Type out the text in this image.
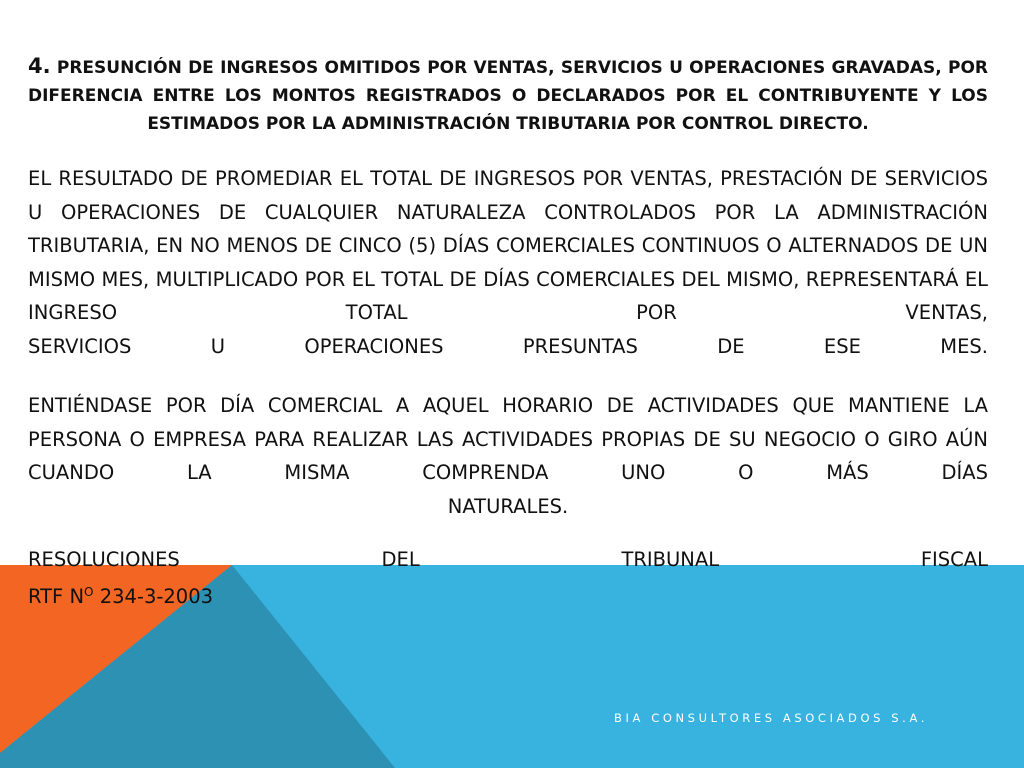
4. PRESUNCIÓN DE INGRESOS OMITIDOS POR VENTAS, SERVICIOS U OPERACIONES GRAVADAS, POR DIFERENCIA ENTRE LOS MONTOS REGISTRADOS O DECLARADOS POR EL CONTRIBUYENTE Y LOS ESTIMADOS POR LA ADMINISTRACIÓN TRIBUTARIA POR CONTROL DIRECTO.

EL RESULTADO DE PROMEDIAR EL TOTAL DE INGRESOS POR VENTAS, PRESTACIÓN DE SERVICIOS U OPERACIONES DE CUALQUIER NATURALEZA CONTROLADOS POR LA ADMINISTRACIÓN TRIBUTARIA, EN NO MENOS DE CINCO (5) DÍAS COMERCIALES CONTINUOS O ALTERNADOS DE UN MISMO MES, MULTIPLICADO POR EL TOTAL DE DÍAS COMERCIALES DEL MISMO, REPRESENTARÁ EL INGRESO TOTAL POR VENTAS,

SERVICIOS	U	OPERACIONES	PRESUNTAS	DE	ESE	MES.

ENTIÉNDASE POR DÍA COMERCIAL A AQUEL HORARIO DE ACTIVIDADES QUE MANTIENE LA PERSONA O EMPRESA PARA REALIZAR LAS ACTIVIDADES PROPIAS DE SU NEGOCIO O GIRO AÚN CUANDO LA MISMA COMPRENDA UNO O MÁS DÍAS

NATURALES.
RESOLUCIONES	DEL	TRIBUNAL	FISCAL

RTF $N^O$ 234-3-2003

BIA CONSULTORES ASOCIADOS S.A.
